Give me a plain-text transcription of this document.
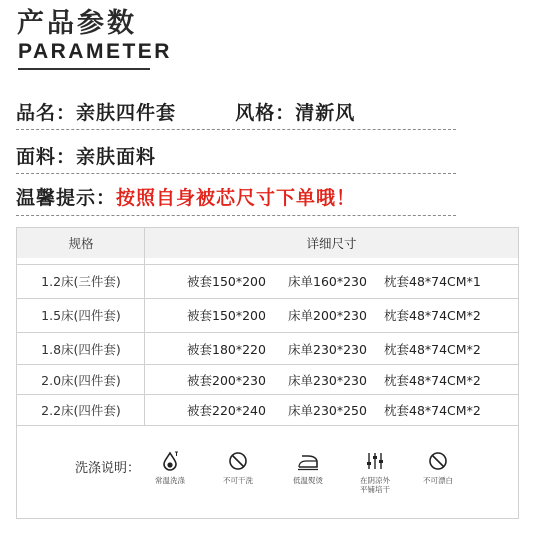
产品参数
PARAMETER
品名：亲肤四件套	风格：清新风
面料：亲肤面料
温馨提示：按照自身被芯尺寸下单哦！
规格	详细尺寸
1.2床(三件套)	被套150*200	床单160*230	枕套48*74CM*1
1.5床(四件套)	被套150*200	床单200*230	枕套48*74CM*2
1.8床(四件套)	被套180*220	床单230*230	枕套48*74CM*2
2.0床(四件套)	被套200*230	床单230*230	枕套48*74CM*2
2.2床(四件套)	被套220*240	床单230*250	枕套48*74CM*2
洗涤说明：
常温洗涤	不可干洗	低温熨烫	在阴凉外
平铺培干
不可漂白
